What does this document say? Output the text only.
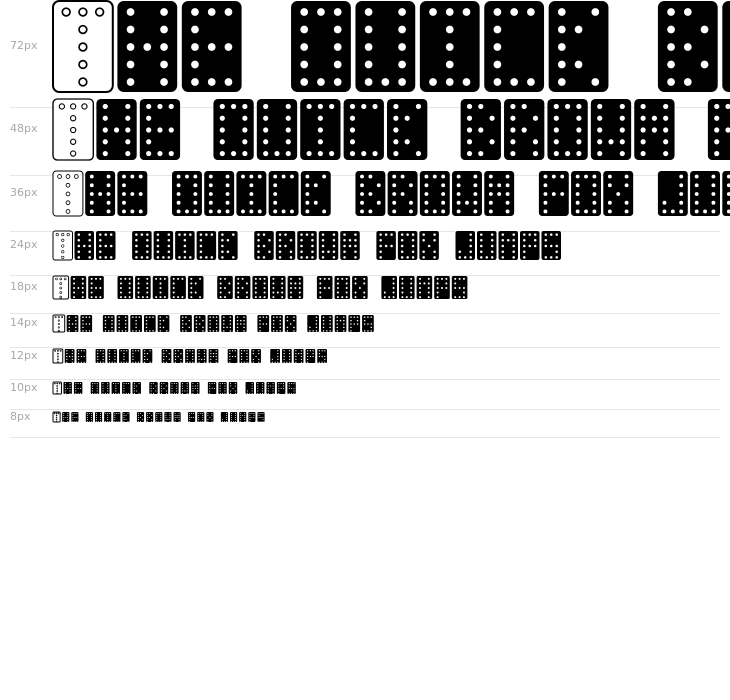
72px
48px
36px
24px
18px
14px
12px
10px
8px
